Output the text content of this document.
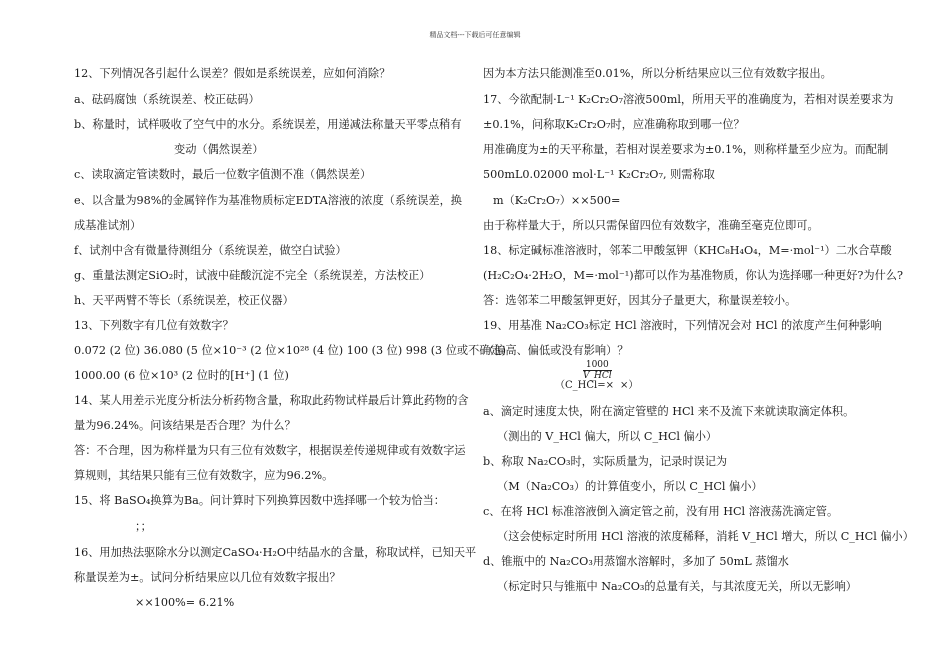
精品文档---下载后可任意编辑
12、下列情况各引起什么误差？假如是系统误差，应如何消除？
a、砝码腐蚀（系统误差、校正砝码）
b、称量时，试样吸收了空气中的水分。系统误差，用递减法称量天平零点稍有
变动（偶然误差）
c、读取滴定管读数时，最后一位数字值测不准（偶然误差）
e、以含量为98%的金属锌作为基准物质标定EDTA溶液的浓度（系统误差，换
成基准试剂）
f、试剂中含有微量待测组分（系统误差，做空白试验）
g、重量法测定SiO₂时，试液中硅酸沉淀不完全（系统误差，方法校正）
h、天平两臂不等长（系统误差，校正仪器）
13、下列数字有几位有效数字？
0.072 (2 位) 36.080 (5 位×10⁻³ (2 位×10²⁸ (4 位) 100 (3 位) 998 (3 位或不确定)
1000.00 (6 位×10³ (2 位时的[H⁺] (1 位)
14、某人用差示光度分析法分析药物含量，称取此药物试样最后计算此药物的含
量为96.24%。问该结果是否合理？为什么？
答：不合理，因为称样量为只有三位有效数字，根据误差传递规律或有效数字运
算规则，其结果只能有三位有效数字，应为96.2%。
15、将 BaSO₄换算为Ba。问计算时下列换算因数中选择哪一个较为恰当：
；；
16、用加热法驱除水分以测定CaSO₄·H₂O中结晶水的含量，称取试样，已知天平
称量误差为±。试问分析结果应以几位有效数字报出？
××100%= 6.21%
因为本方法只能测准至0.01%，所以分析结果应以三位有效数字报出。
17、今欲配制·L⁻¹ K₂Cr₂O₇溶液500ml，所用天平的准确度为，若相对误差要求为
±0.1%，问称取K₂Cr₂O₇时，应准确称取到哪一位？
用准确度为±的天平称量，若相对误差要求为±0.1%，则称样量至少应为。而配制
500mL0.02000 mol·L⁻¹ K₂Cr₂O₇, 则需称取
m（K₂Cr₂O₇）××500=
由于称样量大于，所以只需保留四位有效数字，准确至毫克位即可。
18、标定碱标准溶液时，邻苯二甲酸氢钾（KHC₈H₄O₄，M=·mol⁻¹）二水合草酸
(H₂C₂O₄·2H₂O，M=·mol⁻¹)都可以作为基准物质，你认为选择哪一种更好?为什么?
答：选邻苯二甲酸氢钾更好，因其分子量更大，称量误差较小。
19、用基准 Na₂CO₃标定 HCl 溶液时，下列情况会对 HCl 的浓度产生何种影响
（偏高、偏低或没有影响）？
（C_HCl=× ×）
a、滴定时速度太快，附在滴定管壁的 HCl 来不及流下来就读取滴定体积。
（测出的 V_HCl 偏大，所以 C_HCl 偏小）
b、称取 Na₂CO₃时，实际质量为，记录时误记为
（M（Na₂CO₃）的计算值变小，所以 C_HCl 偏小）
c、在将 HCl 标准溶液倒入滴定管之前，没有用 HCl 溶液荡洗滴定管。
（这会使标定时所用 HCl 溶液的浓度稀释，消耗 V_HCl 增大，所以 C_HCl 偏小）
d、锥瓶中的 Na₂CO₃用蒸馏水溶解时，多加了 50mL 蒸馏水
（标定时只与锥瓶中 Na₂CO₃的总量有关，与其浓度无关，所以无影响）
1000
V_HCl
